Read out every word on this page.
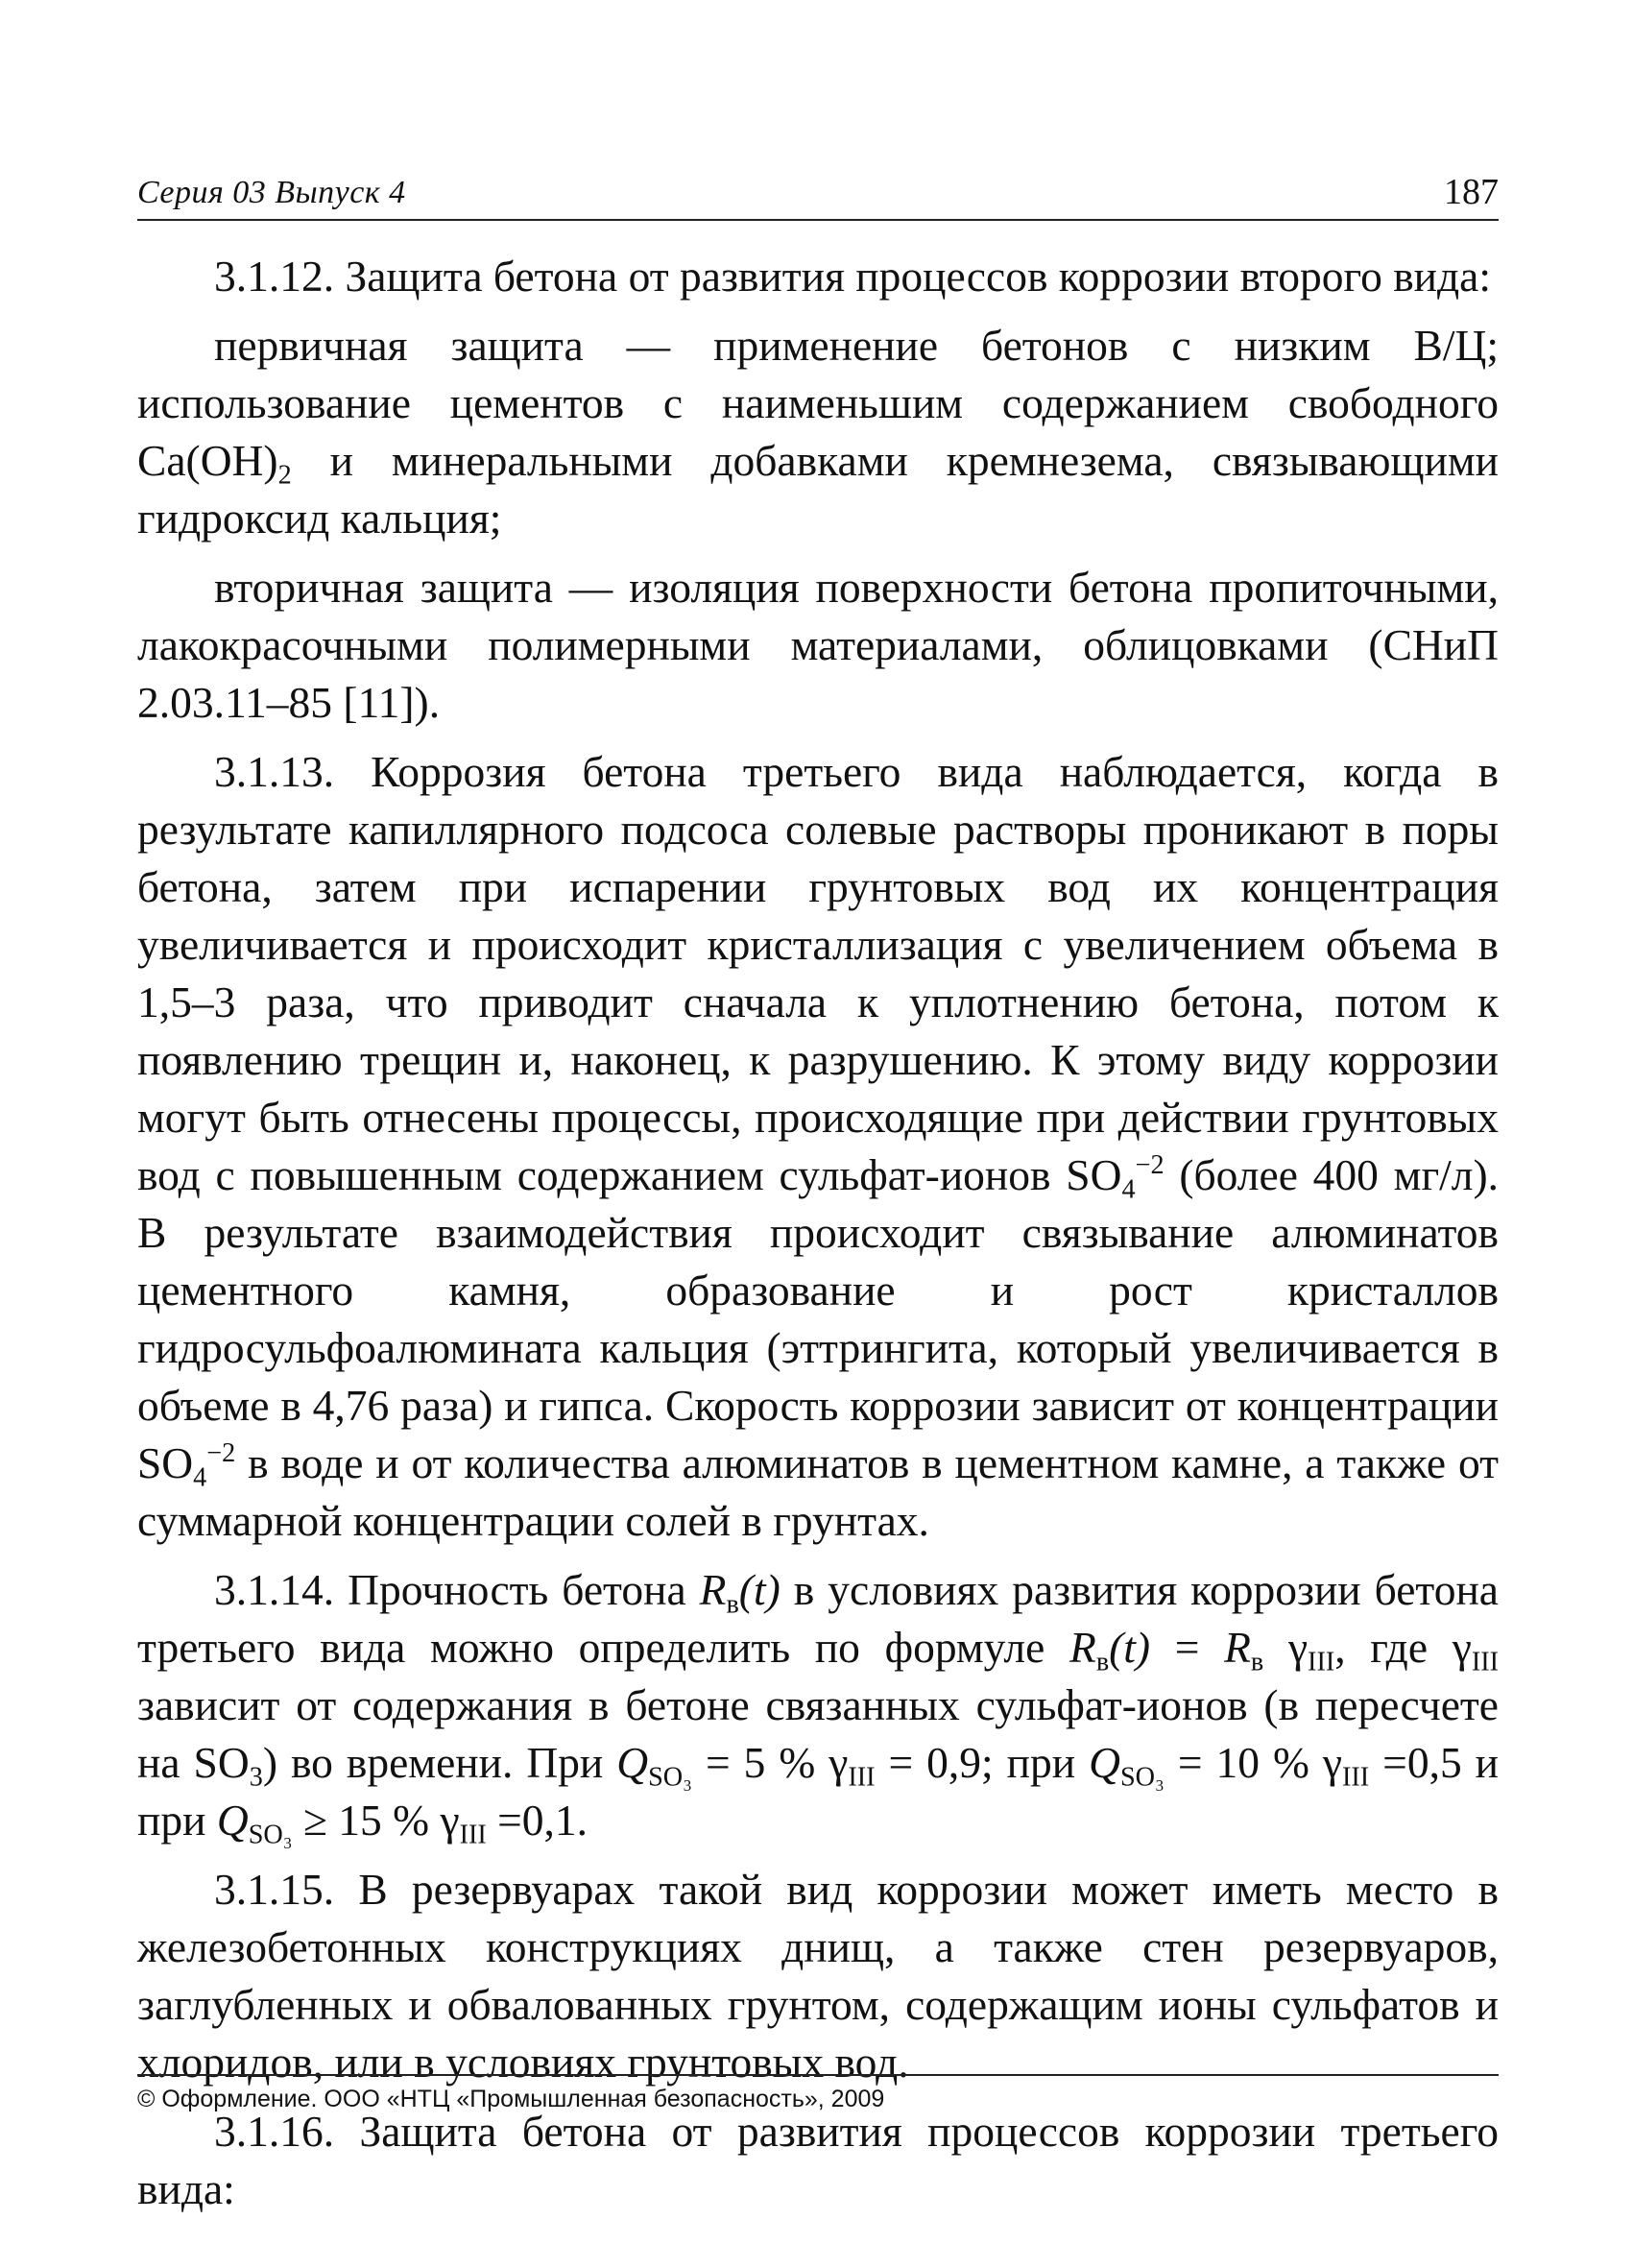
Серия 03 Выпуск 4	187

3.1.12. Защита бетона от развития процессов коррозии второго вида:

первичная защита — применение бетонов с низким В/Ц; использование цементов с наименьшим содержанием свободного $Са(ОН)_2$ и минеральными добавками кремнезема, связывающими гидроксид кальция;

вторичная защита — изоляция поверхности бетона пропиточными, лакокрасочными полимерными материалами, облицовками (СНиП 2.03.11–85 [11]).

3.1.13. Коррозия бетона третьего вида наблюдается, когда в результате капиллярного подсоса солевые растворы проникают в поры бетона, затем при испарении грунтовых вод их концентрация увеличивается и происходит кристаллизация с увеличением объема в 1,5–3 раза, что приводит сначала к уплотнению бетона, потом к появлению трещин и, наконец, к разрушению. К этому виду коррозии могут быть отнесены процессы, происходящие при действии грунтовых вод с повышенным содержанием сульфат-ионов $SO_4^{-2}$ (более 400 мг/л). В результате взаимодействия происходит связывание алюминатов цементного камня, образование и рост кристаллов гидросульфоалюмината кальция (эттрингита, который увеличивается в объеме в 4,76 раза) и гипса. Скорость коррозии зависит от концентрации $SO_4^{-2}$ в воде и от количества алюминатов в цементном камне, а также от суммарной концентрации солей в грунтах.

3.1.14. Прочность бетона $R_в(t)$ в условиях развития коррозии бетона третьего вида можно определить по формуле $R_в(t) = R_в$ $\gamma_{III}$, где $\gamma_{III}$ зависит от содержания в бетоне связанных сульфат-ионов (в пересчете на $SO_3$) во времени. При $Q_{SO_3} = 5$ % $\gamma_{III} = 0,9$; при $Q_{SO_3} = 10$ % $\gamma_{III} =0,5$ и при $Q_{SO_3} \ge 15$ % $\gamma_{III} =0,1$.

3.1.15. В резервуарах такой вид коррозии может иметь место в железобетонных конструкциях днищ, а также стен резервуаров, заглубленных и обвалованных грунтом, содержащим ионы сульфатов и хлоридов, или в условиях грунтовых вод.

3.1.16. Защита бетона от развития процессов коррозии третьего вида:

© Оформление. ООО «НТЦ «Промышленная безопасность», 2009
